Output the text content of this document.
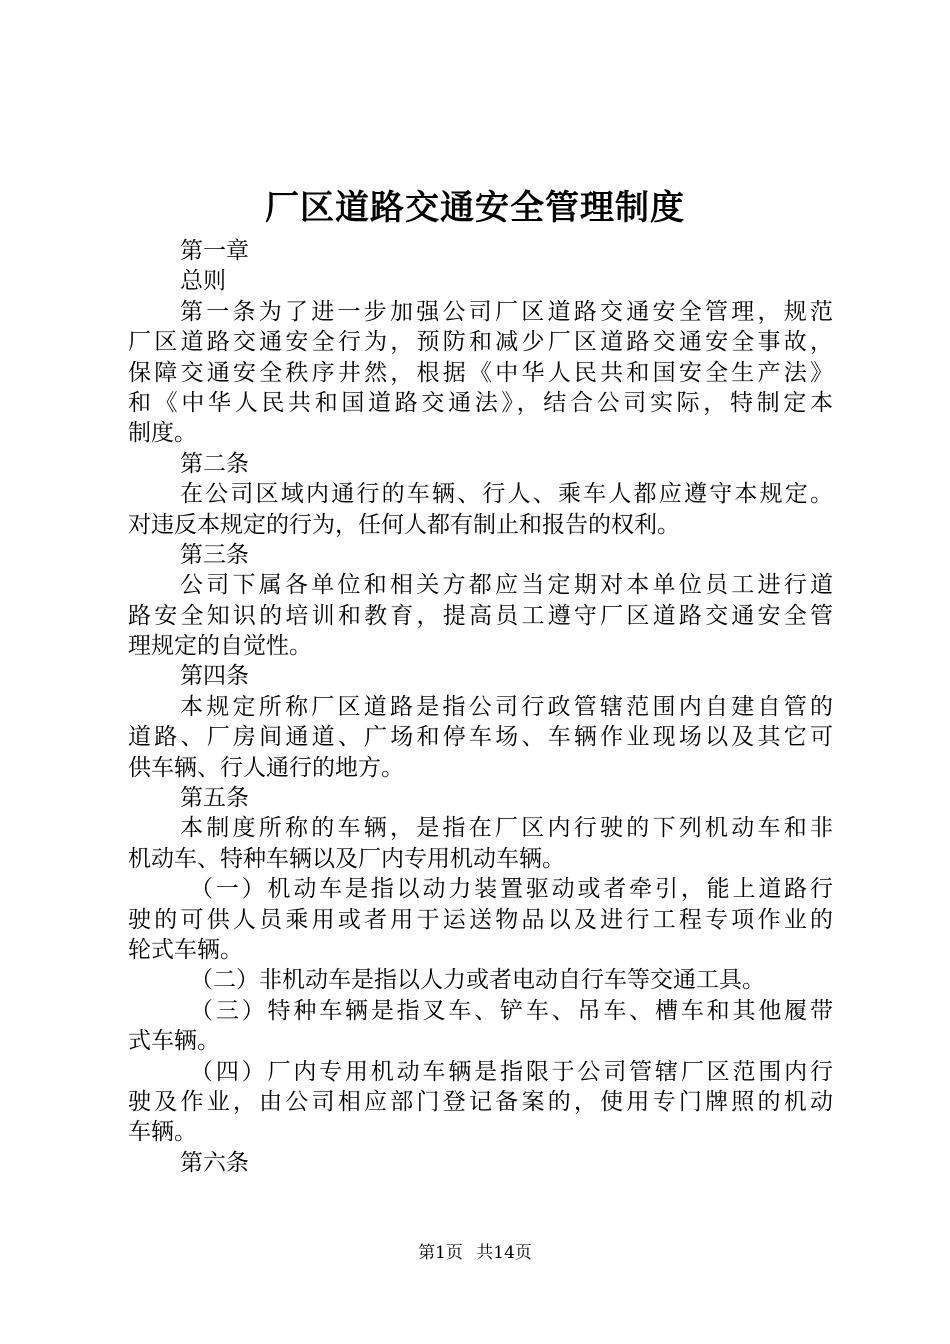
厂区道路交通安全管理制度
第一章
总则
第一条为了进一步加强公司厂区道路交通安全管理，规范
厂区道路交通安全行为，预防和减少厂区道路交通安全事故，
保障交通安全秩序井然，根据《中华人民共和国安全生产法》
和《中华人民共和国道路交通法》，结合公司实际，特制定本
制度。
第二条
在公司区域内通行的车辆、行人、乘车人都应遵守本规定。
对违反本规定的行为，任何人都有制止和报告的权利。
第三条
公司下属各单位和相关方都应当定期对本单位员工进行道
路安全知识的培训和教育，提高员工遵守厂区道路交通安全管
理规定的自觉性。
第四条
本规定所称厂区道路是指公司行政管辖范围内自建自管的
道路、厂房间通道、广场和停车场、车辆作业现场以及其它可
供车辆、行人通行的地方。
第五条
本制度所称的车辆，是指在厂区内行驶的下列机动车和非
机动车、特种车辆以及厂内专用机动车辆。
（一）机动车是指以动力装置驱动或者牵引，能上道路行
驶的可供人员乘用或者用于运送物品以及进行工程专项作业的
轮式车辆。
（二）非机动车是指以人力或者电动自行车等交通工具。
（三）特种车辆是指叉车、铲车、吊车、槽车和其他履带
式车辆。
（四）厂内专用机动车辆是指限于公司管辖厂区范围内行
驶及作业，由公司相应部门登记备案的，使用专门牌照的机动
车辆。
第六条
第1页 共14页
